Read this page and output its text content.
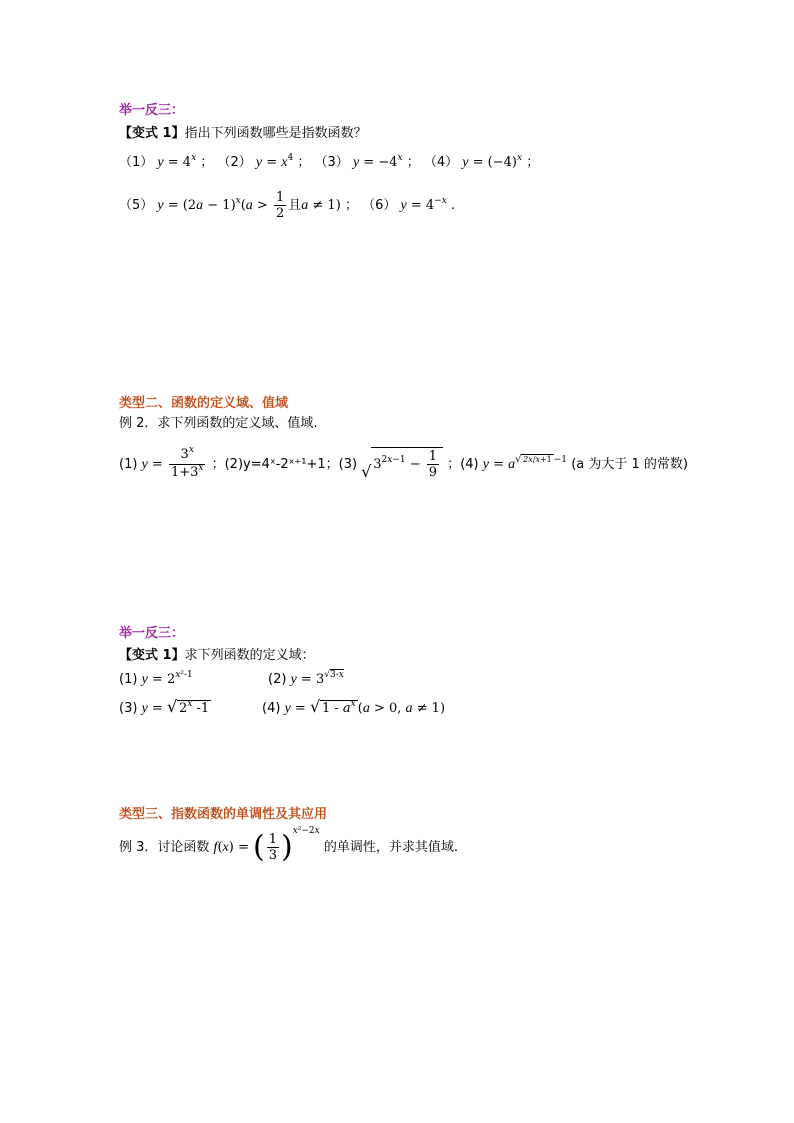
举一反三：
【变式 1】指出下列函数哪些是指数函数？
（1） $y = 4^x$ ； （2） $y = x^4$ ； （3） $y = -4^x$ ； （4） $y = (-4)^x$ ；
（5） $y = (2a - 1)^x(a > \frac{1}{2}$ 且a ≠ 1) ； （6） $y = 4^{-x}$ .
类型二、函数的定义域、值域
例 2．求下列函数的定义域、值域.
(1) $y = \frac{3^x}{1+3^x}$ ；(2)y=4ˣ-2ˣ⁺¹+1；(3) √ $3^{2x-1} - \frac{1}{9}$ ；(4) y = a $^{√ 2x/x+1 -1}$ (a 为大于 1 的常数)
举一反三：
【变式 1】求下列函数的定义域：
(1) $y = 2^{x^2-1}$	(2) $y = 3^{√3-x}$
(3) y = √ 2$^x$ -1	(4) y = √ $1 - a^x$ (a > 0, a ≠ 1)
类型三、指数函数的单调性及其应用
例 3．讨论函数 f(x) = ( $\frac{1}{3} )^{x^2-2x}$ 的单调性，并求其值域.
